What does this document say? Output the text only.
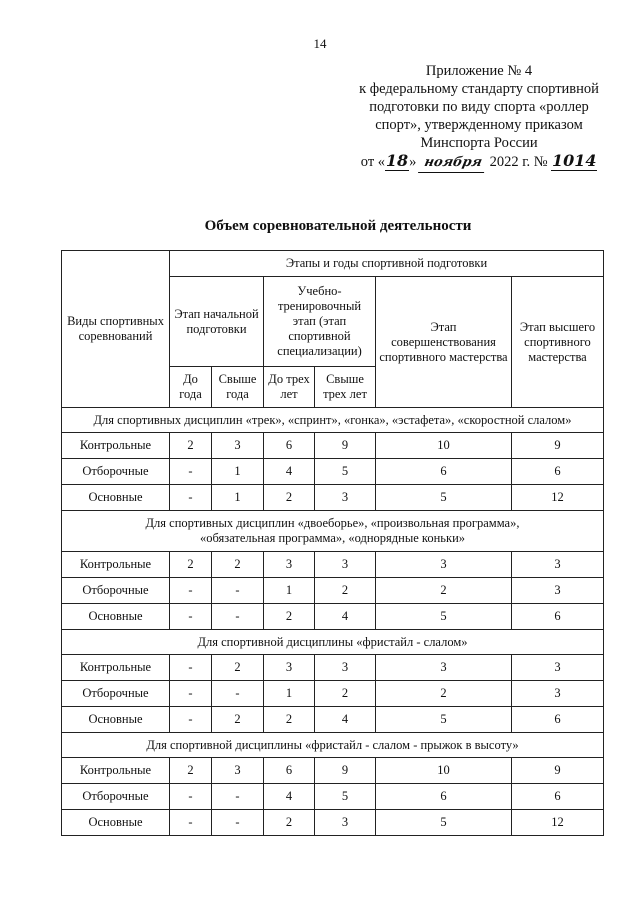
14
Приложение № 4
к федеральному стандарту спортивной
подготовки по виду спорта «роллер
спорт», утвержденному приказом
Минспорта России
от «18» ноября 2022 г. № 1014
Объем соревновательной деятельности
Виды спортивных соревнований	Этапы и годы спортивной подготовки					
	Этап начальной подготовки		Учебно-тренировочный этап (этап спортивной специализации)		Этап совершенствования спортивного мастерства	Этап высшего спортивного мастерства
	До года	Свыше года	До трех лет	Свыше трех лет		
Для спортивных дисциплин «трек», «спринт», «гонка», «эстафета», «скоростной слалом»						
Контрольные	2	3	6	9	10	9
Отборочные	-	1	4	5	6	6
Основные	-	1	2	3	5	12

Для спортивных дисциплин «двоеборье», «произвольная программа»,
«обязательная программа», «однорядные коньки»						

Контрольные	2	2	3	3	3	3
Отборочные	-	-	1	2	2	3
Основные	-	-	2	4	5	6
Для спортивной дисциплины «фристайл - слалом»						
Контрольные	-	2	3	3	3	3
Отборочные	-	-	1	2	2	3
Основные	-	2	2	4	5	6
Для спортивной дисциплины «фристайл - слалом - прыжок в высоту»						
Контрольные	2	3	6	9	10	9
Отборочные	-	-	4	5	6	6
Основные	-	-	2	3	5	12
